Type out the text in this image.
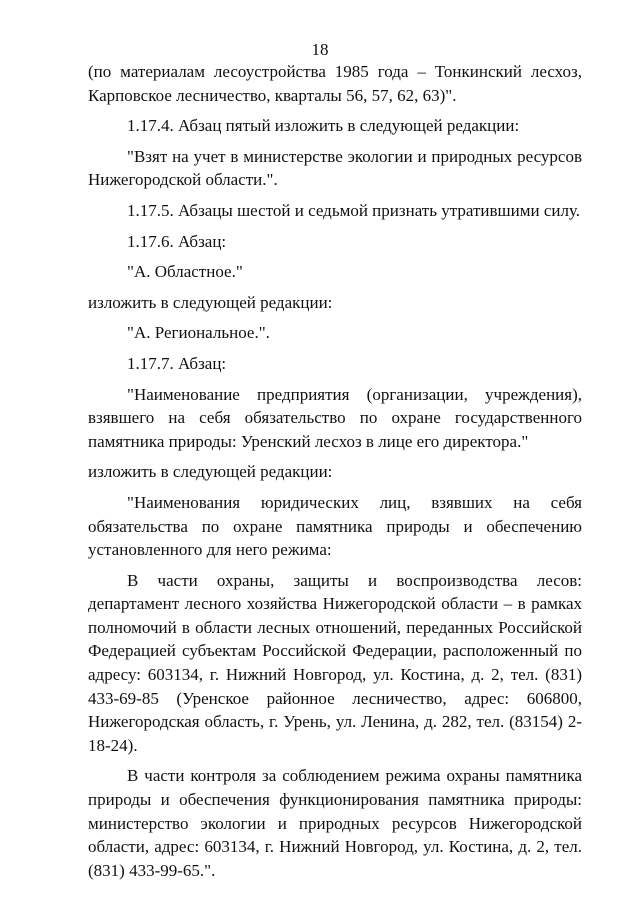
18

(по материалам лесоустройства 1985 года – Тонкинский лесхоз, Карповское лесничество, кварталы 56, 57, 62, 63)".

1.17.4. Абзац пятый изложить в следующей редакции:

"Взят на учет в министерстве экологии и природных ресурсов Нижегородской области.".

1.17.5. Абзацы шестой и седьмой признать утратившими силу.

1.17.6. Абзац:

"А. Областное."

изложить в следующей редакции:

"А. Региональное.".

1.17.7. Абзац:

"Наименование предприятия (организации, учреждения), взявшего на себя обязательство по охране государственного памятника природы: Уренский лесхоз в лице его директора."

изложить в следующей редакции:

"Наименования юридических лиц, взявших на себя обязательства по охране памятника природы и обеспечению установленного для него режима:

В части охраны, защиты и воспроизводства лесов: департамент лесного хозяйства Нижегородской области – в рамках полномочий в области лесных отношений, переданных Российской Федерацией субъектам Российской Федерации, расположенный по адресу: 603134, г. Нижний Новгород, ул. Костина, д. 2, тел. (831) 433-69-85 (Уренское районное лесничество, адрес: 606800, Нижегородская область, г. Урень, ул. Ленина, д. 282, тел. (83154) 2-18-24).

В части контроля за соблюдением режима охраны памятника природы и обеспечения функционирования памятника природы: министерство экологии и природных ресурсов Нижегородской области, адрес: 603134, г. Нижний Новгород, ул. Костина, д. 2, тел. (831) 433-99-65.".
